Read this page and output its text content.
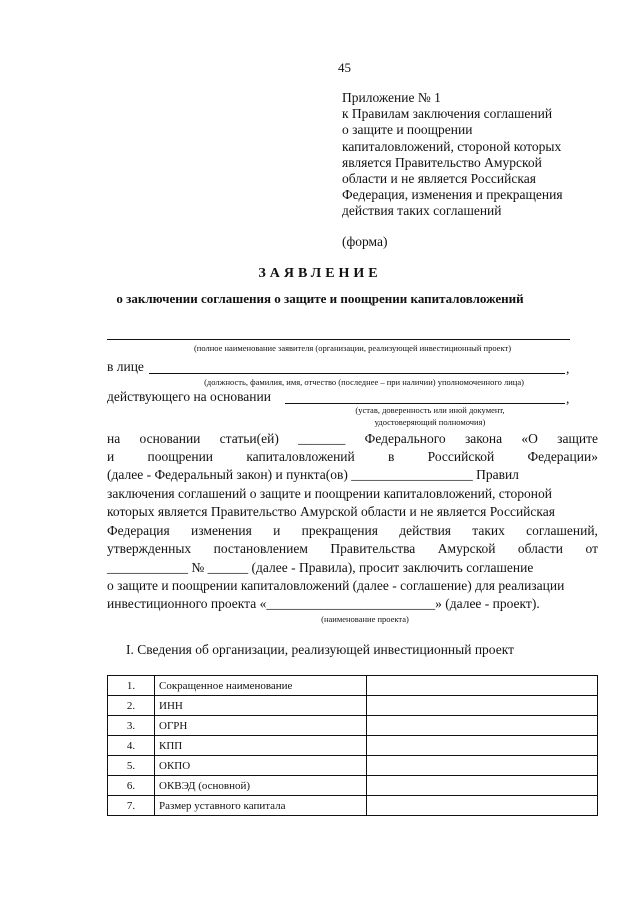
45
Приложение № 1
к Правилам заключения соглашений
о защите и поощрении
капиталовложений, стороной которых
является Правительство Амурской
области и не является Российская
Федерация, изменения и прекращения
действия таких соглашений
(форма)
ЗАЯВЛЕНИЕ
о заключении соглашения о защите и поощрении капиталовложений
(полное наименование заявителя (организации, реализующей инвестиционный проект)
в лице	,
(должность, фамилия, имя, отчество (последнее – при наличии) уполномоченного лица)
действующего на основании	,
(устав, доверенность или иной документ,
удостоверяющий полномочия)
на основании статьи(ей) _______ Федерального закона «О защите
и поощрении капиталовложений в Российской Федерации»
(далее - Федеральный закон) и пункта(ов) __________________ Правил
заключения соглашений о защите и поощрении капиталовложений, стороной
которых является Правительство Амурской области и не является Российская
Федерация изменения и прекращения действия таких соглашений,
утвержденных постановлением Правительства Амурской области от
____________ № ______ (далее - Правила), просит заключить соглашение
о защите и поощрении капиталовложений (далее - соглашение) для реализации
инвестиционного проекта «_________________________» (далее - проект).
(наименование проекта)
I. Сведения об организации, реализующей инвестиционный проект
1.	Сокращенное наименование	
2.	ИНН	
3.	ОГРН	
4.	КПП	
5.	ОКПО	
6.	ОКВЭД (основной)	
7.	Размер уставного капитала	
